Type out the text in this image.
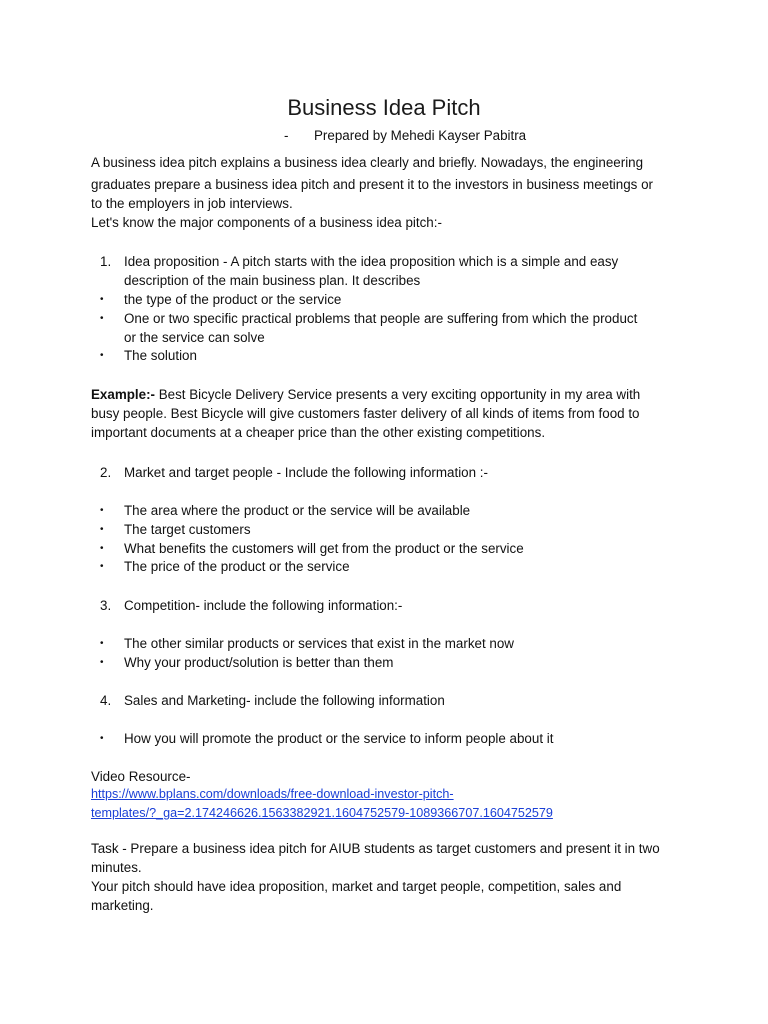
Business Idea Pitch
- Prepared by Mehedi Kayser Pabitra
A business idea pitch explains a business idea clearly and briefly. Nowadays, the engineering
graduates prepare a business idea pitch and present it to the investors in business meetings or
to the employers in job interviews.
Let's know the major components of a business idea pitch:-
1. Idea proposition - A pitch starts with the idea proposition which is a simple and easy
description of the main business plan. It describes
•	the type of the product or the service
•	One or two specific practical problems that people are suffering from which the product
or the service can solve
•	The solution
Example:- Best Bicycle Delivery Service presents a very exciting opportunity in my area with
busy people. Best Bicycle will give customers faster delivery of all kinds of items from food to
important documents at a cheaper price than the other existing competitions.
2. Market and target people - Include the following information :-
•	The area where the product or the service will be available
•	The target customers
•	What benefits the customers will get from the product or the service
•	The price of the product or the service
3. Competition- include the following information:-
•	The other similar products or services that exist in the market now
•	Why your product/solution is better than them
4. Sales and Marketing- include the following information
•	How you will promote the product or the service to inform people about it
Video Resource-
https://www.bplans.com/downloads/free-download-investor-pitch-
templates/?_ga=2.174246626.1563382921.1604752579-1089366707.1604752579
Task - Prepare a business idea pitch for AIUB students as target customers and present it in two
minutes.
Your pitch should have idea proposition, market and target people, competition, sales and
marketing.
